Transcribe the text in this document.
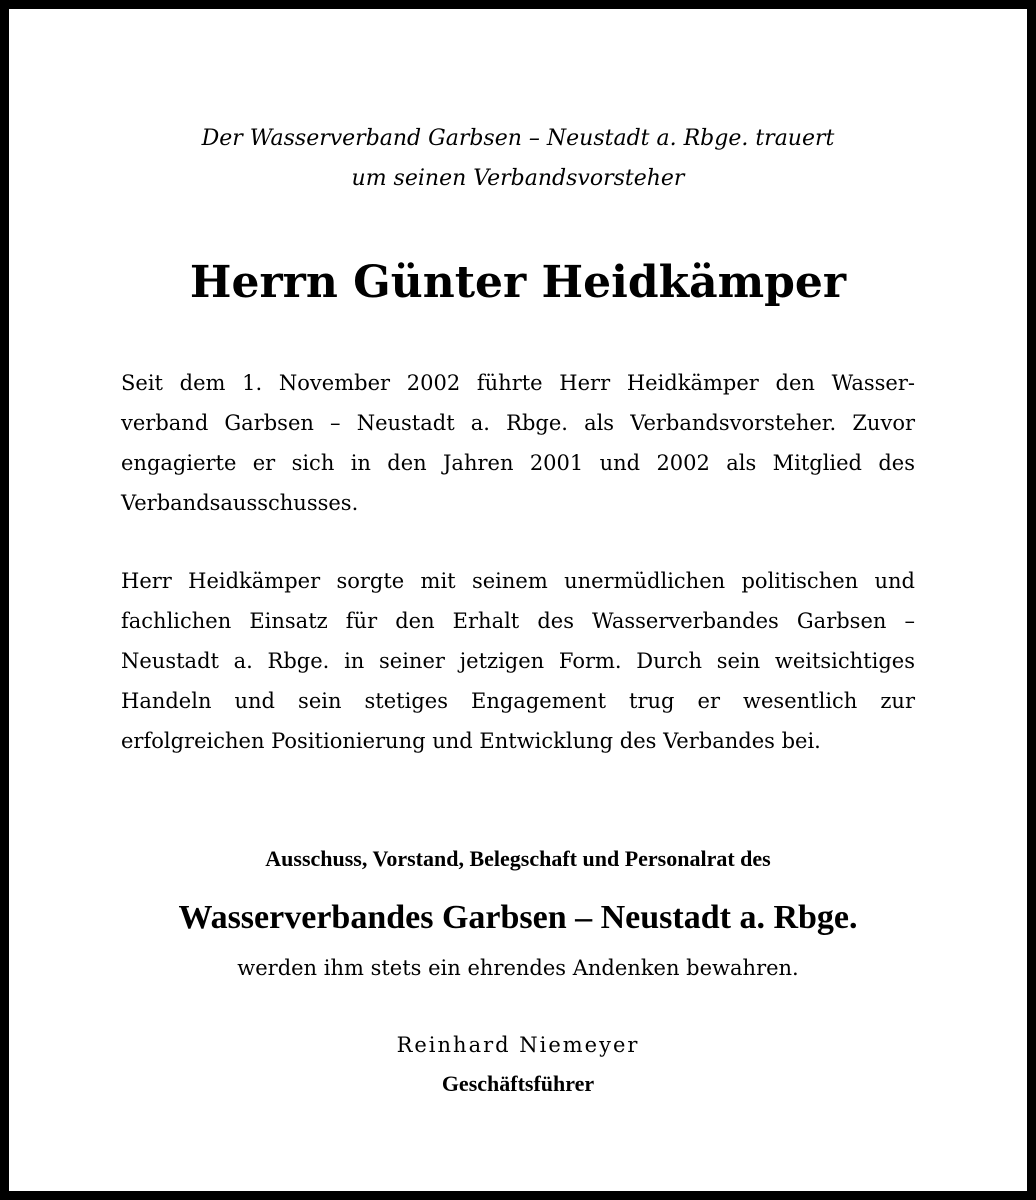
Der Wasserverband Garbsen – Neustadt a. Rbge. trauert
um seinen Verbandsvorsteher
Herrn Günter Heidkämper
Seit dem 1. November 2002 führte Herr Heidkämper den Wasser-
verband Garbsen – Neustadt a. Rbge. als Verbandsvorsteher. Zuvor
engagierte er sich in den Jahren 2001 und 2002 als Mitglied des
Verbandsausschusses.
Herr Heidkämper sorgte mit seinem unermüdlichen politischen und
fachlichen Einsatz für den Erhalt des Wasserverbandes Garbsen –
Neustadt a. Rbge. in seiner jetzigen Form. Durch sein weitsichtiges
Handeln und sein stetiges Engagement trug er wesentlich zur
erfolgreichen Positionierung und Entwicklung des Verbandes bei.
Ausschuss, Vorstand, Belegschaft und Personalrat des
Wasserverbandes Garbsen – Neustadt a. Rbge.
werden ihm stets ein ehrendes Andenken bewahren.
Reinhard Niemeyer
Geschäftsführer
